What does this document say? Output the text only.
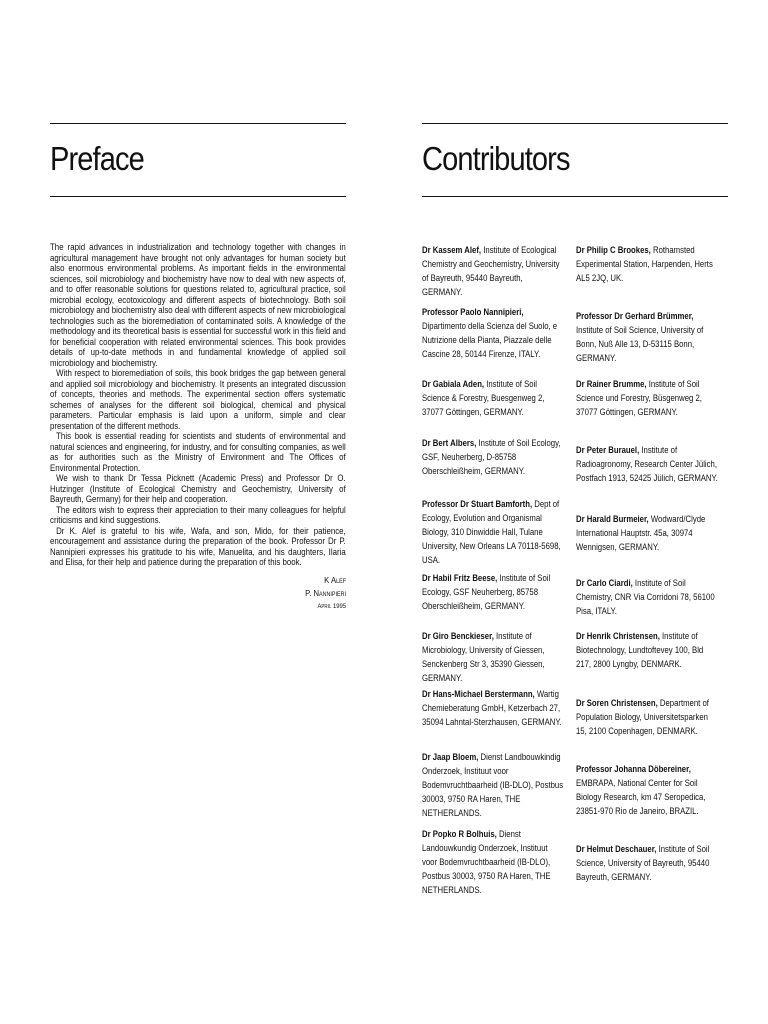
Preface

The rapid advances in industrialization and technology together with changes in agricultural management have brought not only advantages for human society but also enormous environmental problems. As important fields in the environmental sciences, soil microbiology and biochemistry have now to deal with new aspects of, and to offer reasonable solutions for questions related to, agricultural practice, soil microbial ecology, ecotoxicology and different aspects of biotechnology. Both soil microbiology and biochemistry also deal with different aspects of new microbiological technologies such as the bioremediation of contaminated soils. A knowledge of the methodology and its theoretical basis is essential for successful work in this field and for beneficial cooperation with related environmental sciences. This book provides details of up-to-date methods in and fundamental knowledge of applied soil microbiology and biochemistry.

With respect to bioremediation of soils, this book bridges the gap between general and applied soil microbiology and biochemistry. It presents an integrated discussion of concepts, theories and methods. The experimental section offers systematic schemes of analyses for the different soil biological, chemical and physical parameters. Particular emphasis is laid upon a uniform, simple and clear presentation of the different methods.

This book is essential reading for scientists and students of environmental and natural sciences and engineering, for industry, and for consulting companies, as well as for authorities such as the Ministry of Environment and The Offices of Environmental Protection.

We wish to thank Dr Tessa Picknett (Academic Press) and Professor Dr O. Hutzinger (Institute of Ecological Chemistry and Geochemistry, University of Bayreuth, Germany) for their help and cooperation.

The editors wish to express their appreciation to their many colleagues for helpful criticisms and kind suggestions.

Dr K. Alef is grateful to his wife, Wafa, and son, Mido, for their patience, encouragement and assistance during the preparation of the book. Professor Dr P. Nannipieri expresses his gratitude to his wife, Manuelita, and his daughters, Ilaria and Elisa, for their help and patience during the preparation of this book.

K Alef
P. Nannipieri
April 1995
Contributors
Dr Kassem Alef, Institute of Ecological Chemistry and Geochemistry, University of Bayreuth, 95440 Bayreuth, GERMANY.
Professor Paolo Nannipieri, Dipartimento della Scienza del Suolo, e Nutrizione della Pianta, Piazzale delle Cascine 28, 50144 Firenze, ITALY.
Dr Gabiala Aden, Institute of Soil Science & Forestry, Buesgenweg 2, 37077 Göttingen, GERMANY.
Dr Bert Albers, Institute of Soil Ecology, GSF, Neuherberg, D-85758 Oberschleißheim, GERMANY.
Professor Dr Stuart Bamforth, Dept of Ecology, Evolution and Organismal Biology, 310 Dinwiddie Hall, Tulane University, New Orleans LA 70118-5698, USA.
Dr Habil Fritz Beese, Institute of Soil Ecology, GSF Neuherberg, 85758 Oberschleißheim, GERMANY.
Dr Giro Benckieser, Institute of Microbiology, University of Giessen, Senckenberg Str 3, 35390 Giessen, GERMANY.
Dr Hans-Michael Berstermann, Wartig Chemieberatung GmbH, Ketzerbach 27, 35094 Lahntal-Sterzhausen, GERMANY.
Dr Jaap Bloem, Dienst Landbouwkindig Onderzoek, Instituut voor Bodemvruchtbaarheid (IB-DLO), Postbus 30003, 9750 RA Haren, THE NETHERLANDS.
Dr Popko R Bolhuis, Dienst Landouwkundig Onderzoek, Instituut voor Bodemvruchtbaarheid (IB-DLO), Postbus 30003, 9750 RA Haren, THE NETHERLANDS.
Dr Philip C Brookes, Rothamsted Experimental Station, Harpenden, Herts AL5 2JQ, UK.
Professor Dr Gerhard Brümmer, Institute of Soil Science, University of Bonn, Nuß Alle 13, D-53115 Bonn, GERMANY.
Dr Rainer Brumme, Institute of Soil Science und Forestry, Büsgenweg 2, 37077 Göttingen, GERMANY.
Dr Peter Burauel, Institute of Radioagronomy, Research Center Jülich, Postfach 1913, 52425 Jülich, GERMANY.
Dr Harald Burmeier, Wodward/Clyde International Hauptstr. 45a, 30974 Wennigsen, GERMANY.
Dr Carlo Ciardi, Institute of Soil Chemistry, CNR Via Corridoni 78, 56100 Pisa, ITALY.
Dr Henrik Christensen, Institute of Biotechnology, Lundtoftevey 100, Bld 217, 2800 Lyngby, DENMARK.
Dr Soren Christensen, Department of Population Biology, Universitetsparken 15, 2100 Copenhagen, DENMARK.
Professor Johanna Döbereiner, EMBRAPA, National Center for Soil Biology Research, km 47 Seropedica, 23851-970 Rio de Janeiro, BRAZIL.
Dr Helmut Deschauer, Institute of Soil Science, University of Bayreuth, 95440 Bayreuth, GERMANY.
